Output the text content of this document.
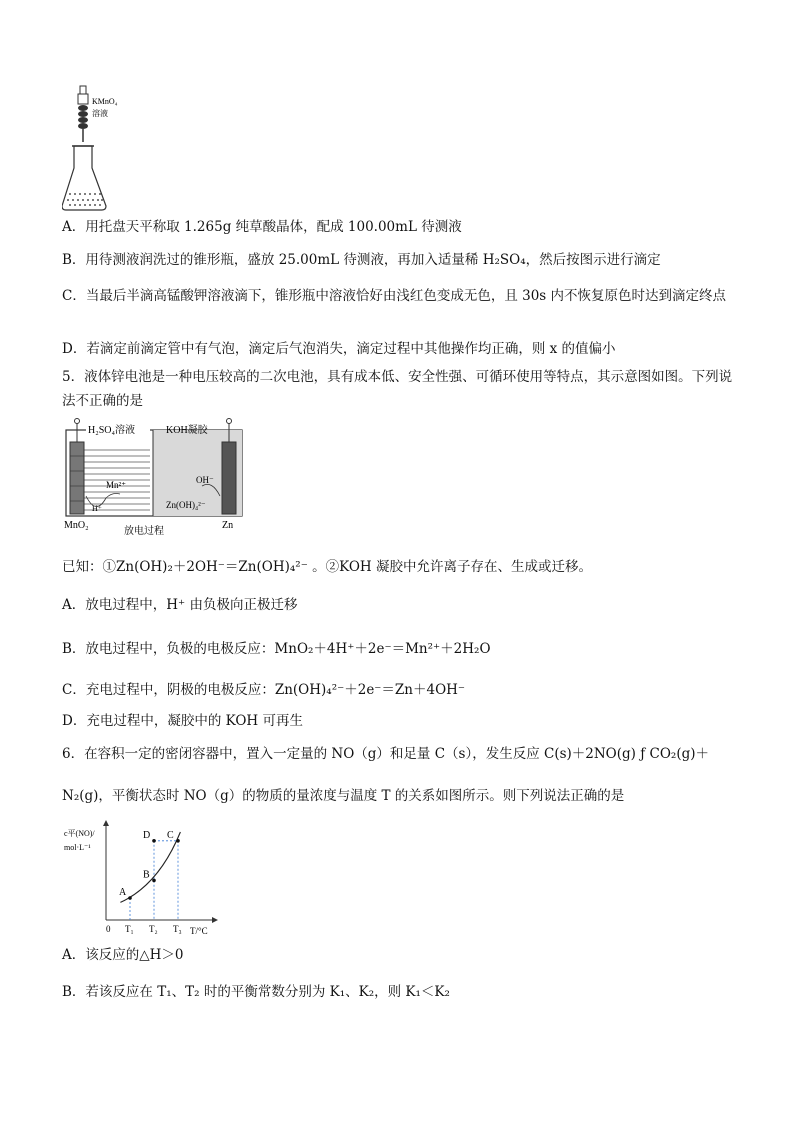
KMnO₄
溶液
A．用托盘天平称取 1.265g 纯草酸晶体，配成 100.00mL 待测液
B．用待测液润洗过的锥形瓶，盛放 25.00mL 待测液，再加入适量稀 H₂SO₄，然后按图示进行滴定
C．当最后半滴高锰酸钾溶液滴下，锥形瓶中溶液恰好由浅红色变成无色，且 30s 内不恢复原色时达到滴定终点
D．若滴定前滴定管中有气泡，滴定后气泡消失，滴定过程中其他操作均正确，则 x 的值偏小
5．液体锌电池是一种电压较高的二次电池，具有成本低、安全性强、可循环使用等特点，其示意图如图。下列说法不正确的是
H₂SO₄溶液	KOH凝胶
Mn²⁺
H⁺
OH⁻
Zn(OH)₄²⁻
MnO₂	Zn
放电过程
已知：①Zn(OH)₂＋2OH⁻＝Zn(OH)₄²⁻ 。②KOH 凝胶中允许离子存在、生成或迁移。
A．放电过程中，H⁺ 由负极向正极迁移
B．放电过程中，负极的电极反应：MnO₂＋4H⁺＋2e⁻＝Mn²⁺＋2H₂O
C．充电过程中，阴极的电极反应：Zn(OH)₄²⁻＋2e⁻＝Zn＋4OH⁻
D．充电过程中，凝胶中的 KOH 可再生
6．在容积一定的密闭容器中，置入一定量的 NO（g）和足量 C（s），发生反应 C(s)＋2NO(g) ƒ CO₂(g)＋
N₂(g)，平衡状态时 NO（g）的物质的量浓度与温度 T 的关系如图所示。则下列说法正确的是
c平(NO)/
mol·L⁻¹
0	T/°C
T₁ T₂ T₃
A
B
C
D
A．该反应的△H＞0
B．若该反应在 T₁、T₂ 时的平衡常数分别为 K₁、K₂，则 K₁＜K₂
